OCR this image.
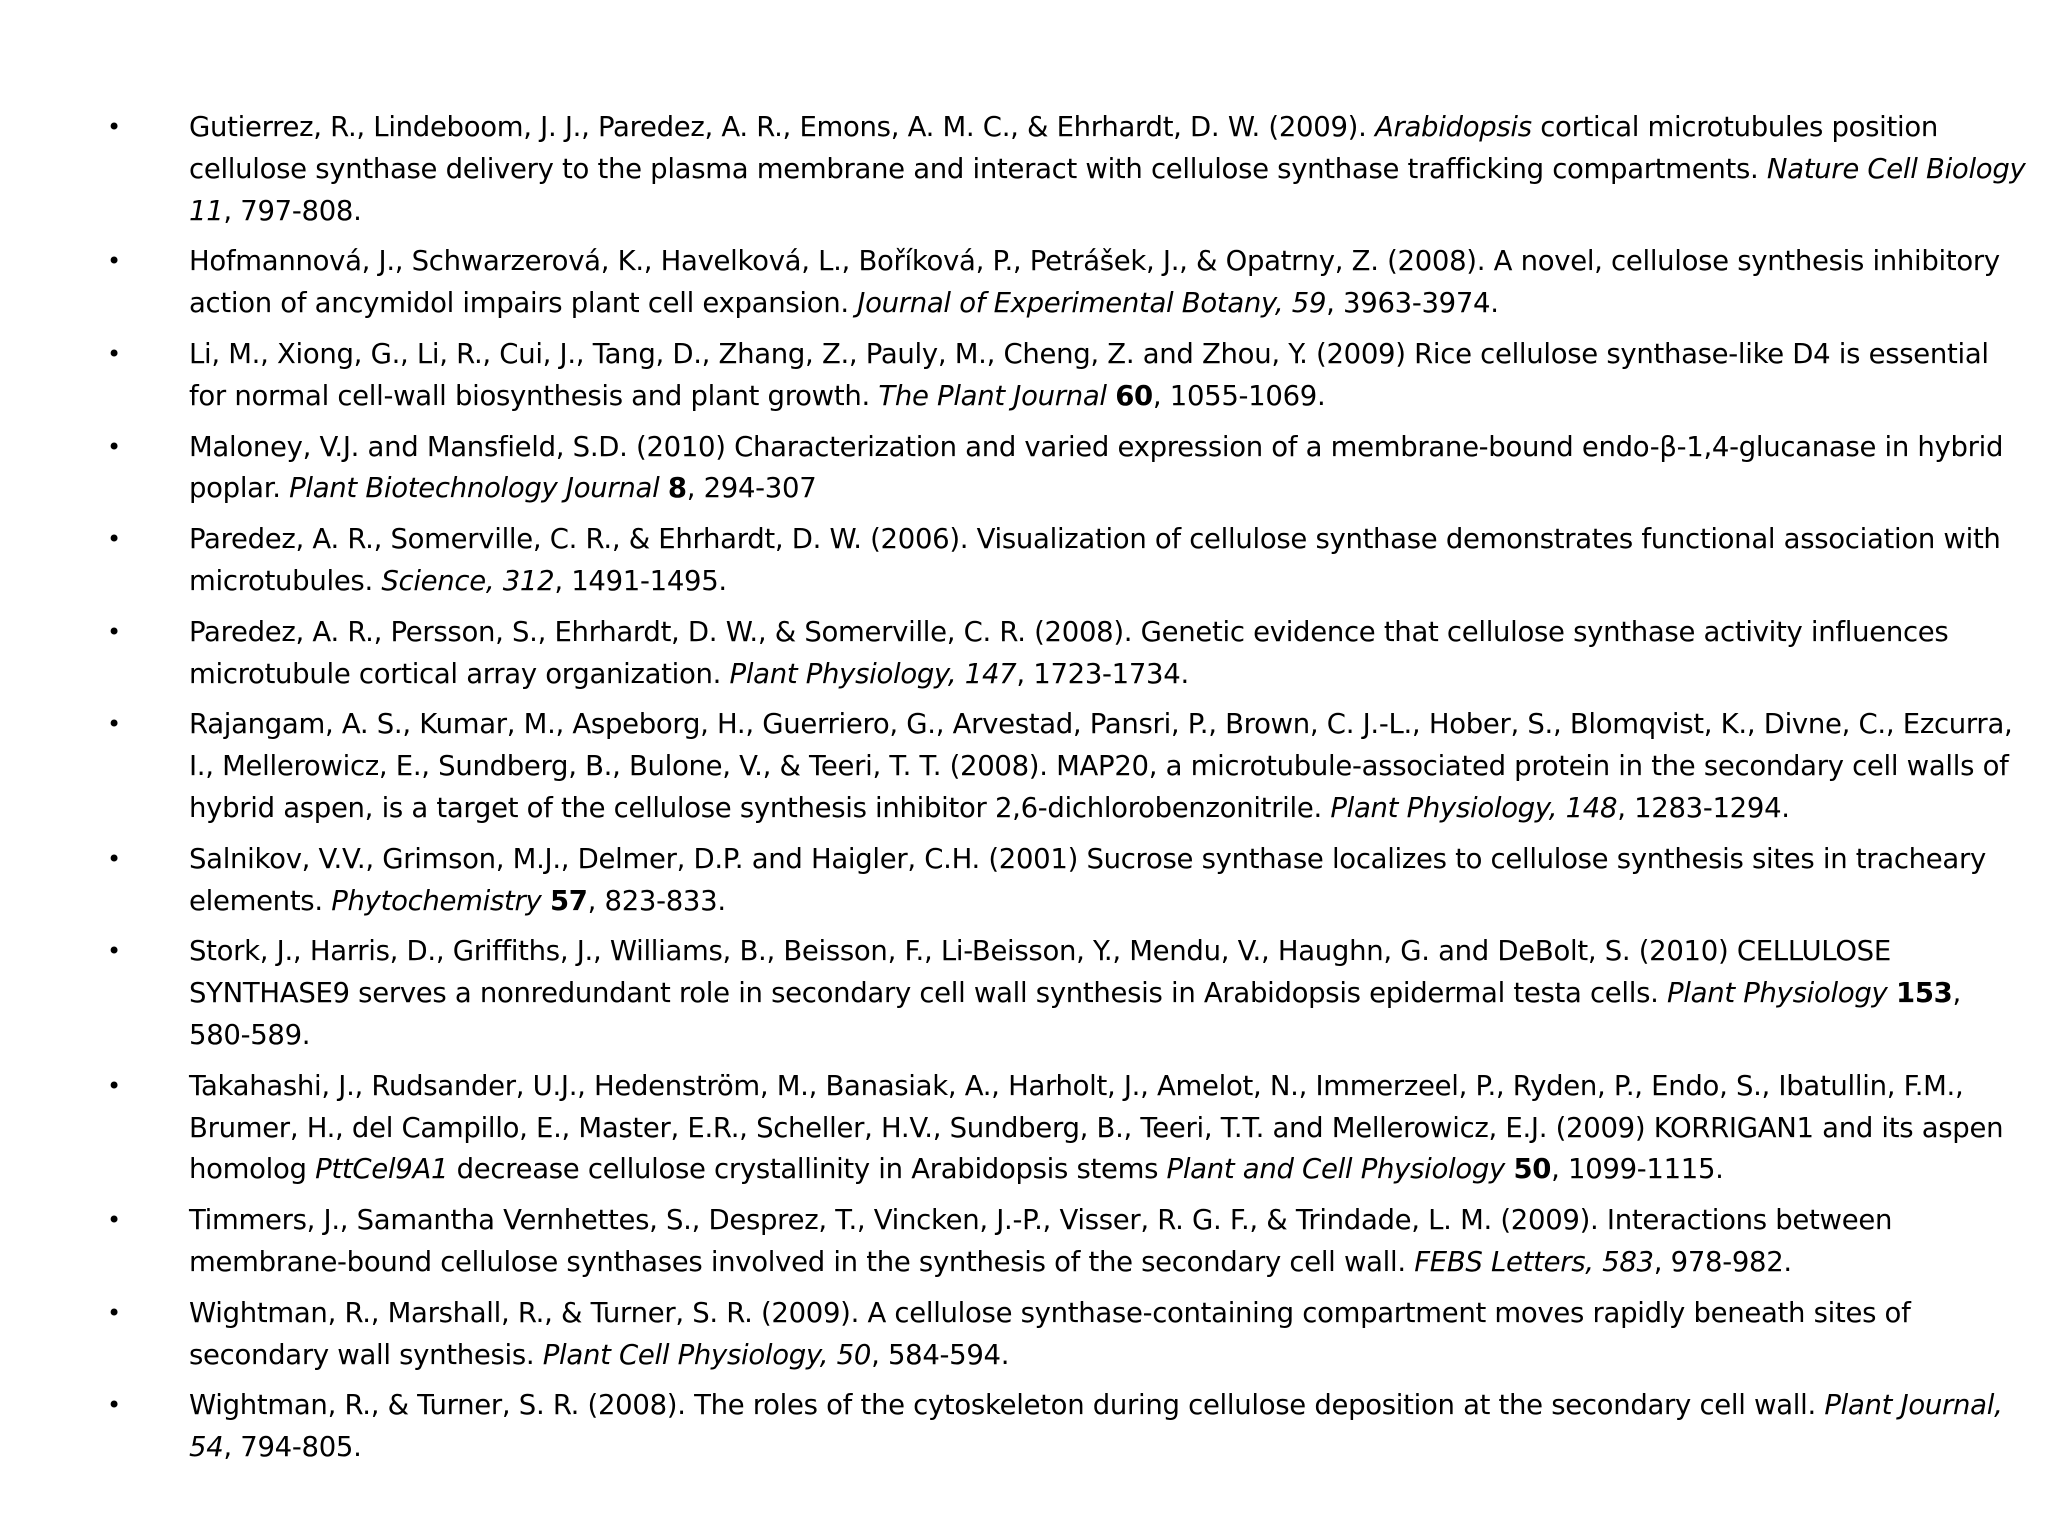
• Gutierrez, R., Lindeboom, J. J., Paredez, A. R., Emons, A. M. C., & Ehrhardt, D. W. (2009). Arabidopsis cortical microtubules position cellulose synthase delivery to the plasma membrane and interact with cellulose synthase trafficking compartments. Nature Cell Biology 11, 797-808.
• Hofmannová, J., Schwarzerová, K., Havelková, L., Boříková, P., Petrášek, J., & Opatrny, Z. (2008). A novel, cellulose synthesis inhibitory action of ancymidol impairs plant cell expansion. Journal of Experimental Botany, 59, 3963-3974.
• Li, M., Xiong, G., Li, R., Cui, J., Tang, D., Zhang, Z., Pauly, M., Cheng, Z. and Zhou, Y. (2009) Rice cellulose synthase-like D4 is essential for normal cell-wall biosynthesis and plant growth. The Plant Journal 60, 1055-1069.
• Maloney, V.J. and Mansfield, S.D. (2010) Characterization and varied expression of a membrane-bound endo-β-1,4-glucanase in hybrid poplar. Plant Biotechnology Journal 8, 294-307
• Paredez, A. R., Somerville, C. R., & Ehrhardt, D. W. (2006). Visualization of cellulose synthase demonstrates functional association with microtubules. Science, 312, 1491-1495.
• Paredez, A. R., Persson, S., Ehrhardt, D. W., & Somerville, C. R. (2008). Genetic evidence that cellulose synthase activity influences microtubule cortical array organization. Plant Physiology, 147, 1723-1734.
• Rajangam, A. S., Kumar, M., Aspeborg, H., Guerriero, G., Arvestad, Pansri, P., Brown, C. J.-L., Hober, S., Blomqvist, K., Divne, C., Ezcurra, I., Mellerowicz, E., Sundberg, B., Bulone, V., & Teeri, T. T. (2008). MAP20, a microtubule-associated protein in the secondary cell walls of hybrid aspen, is a target of the cellulose synthesis inhibitor 2,6-dichlorobenzonitrile. Plant Physiology, 148, 1283-1294.
• Salnikov, V.V., Grimson, M.J., Delmer, D.P. and Haigler, C.H. (2001) Sucrose synthase localizes to cellulose synthesis sites in tracheary elements. Phytochemistry 57, 823-833.
• Stork, J., Harris, D., Griffiths, J., Williams, B., Beisson, F., Li-Beisson, Y., Mendu, V., Haughn, G. and DeBolt, S. (2010) CELLULOSE SYNTHASE9 serves a nonredundant role in secondary cell wall synthesis in Arabidopsis epidermal testa cells. Plant Physiology 153, 580-589.
• Takahashi, J., Rudsander, U.J., Hedenström, M., Banasiak, A., Harholt, J., Amelot, N., Immerzeel, P., Ryden, P., Endo, S., Ibatullin, F.M., Brumer, H., del Campillo, E., Master, E.R., Scheller, H.V., Sundberg, B., Teeri, T.T. and Mellerowicz, E.J. (2009) KORRIGAN1 and its aspen homolog PttCel9A1 decrease cellulose crystallinity in Arabidopsis stems Plant and Cell Physiology 50, 1099-1115.
• Timmers, J., Samantha Vernhettes, S., Desprez, T., Vincken, J.-P., Visser, R. G. F., & Trindade, L. M. (2009). Interactions between membrane-bound cellulose synthases involved in the synthesis of the secondary cell wall. FEBS Letters, 583, 978-982.
• Wightman, R., Marshall, R., & Turner, S. R. (2009). A cellulose synthase-containing compartment moves rapidly beneath sites of secondary wall synthesis. Plant Cell Physiology, 50, 584-594.
• Wightman, R., & Turner, S. R. (2008). The roles of the cytoskeleton during cellulose deposition at the secondary cell wall. Plant Journal, 54, 794-805.
